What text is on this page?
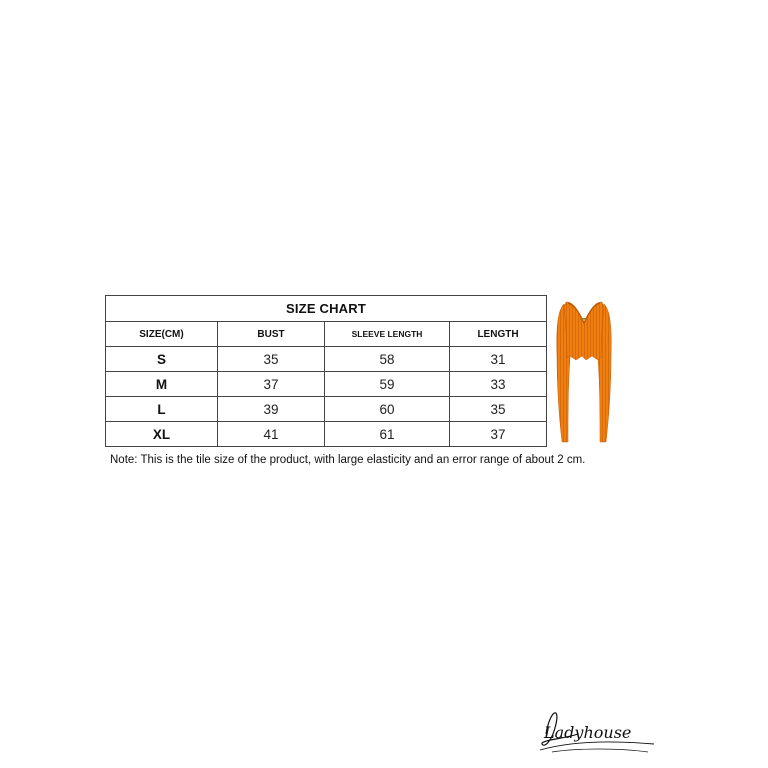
SIZE CHART			
SIZE(CM)	BUST	SLEEVE LENGTH	LENGTH
S	35	58	31
M	37	59	33
L	39	60	35
XL	41	61	37
Note: This is the tile size of the product, with large elasticity and an error range of about 2 cm.
Ladyhouse
